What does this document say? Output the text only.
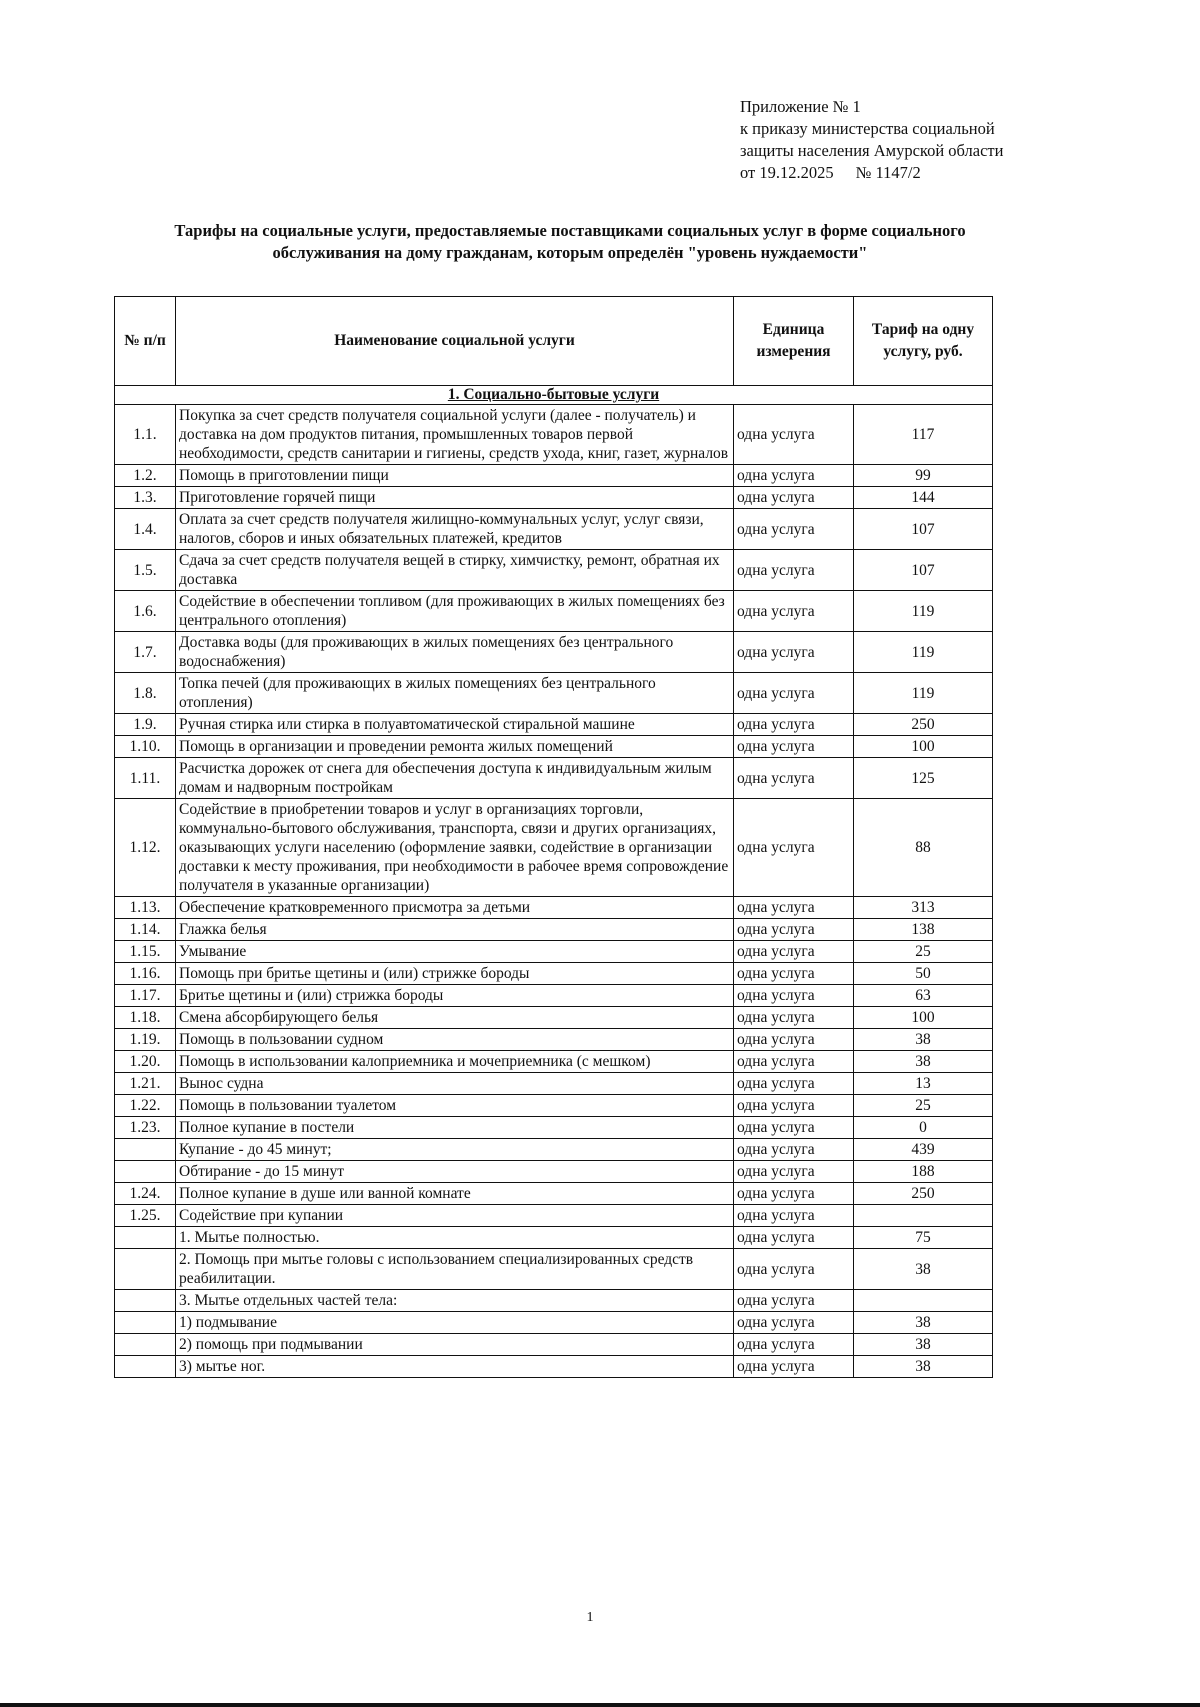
Приложение № 1
к приказу министерства социальной
защиты населения Амурской области
от 19.12.2025 № 1147/2
Тарифы на социальные услуги, предоставляемые поставщиками социальных услуг в форме социального
обслуживания на дому гражданам, которым определён "уровень нуждаемости"
№ п/п	Наименование социальной услуги	Единица измерения	Тариф на одну услугу, руб.
1. Социально-бытовые услуги			
1.1.	Покупка за счет средств получателя социальной услуги (далее - получатель) и доставка на дом продуктов питания, промышленных товаров первой необходимости, средств санитарии и гигиены, средств ухода, книг, газет, журналов	одна услуга	117
1.2.	Помощь в приготовлении пищи	одна услуга	99
1.3.	Приготовление горячей пищи	одна услуга	144
1.4.	Оплата за счет средств получателя жилищно-коммунальных услуг, услуг связи, налогов, сборов и иных обязательных платежей, кредитов	одна услуга	107
1.5.	Сдача за счет средств получателя вещей в стирку, химчистку, ремонт, обратная их доставка	одна услуга	107
1.6.	Содействие в обеспечении топливом (для проживающих в жилых помещениях без центрального отопления)	одна услуга	119
1.7.	Доставка воды (для проживающих в жилых помещениях без центрального водоснабжения)	одна услуга	119
1.8.	Топка печей (для проживающих в жилых помещениях без центрального отопления)	одна услуга	119
1.9.	Ручная стирка или стирка в полуавтоматической стиральной машине	одна услуга	250
1.10.	Помощь в организации и проведении ремонта жилых помещений	одна услуга	100
1.11.	Расчистка дорожек от снега для обеспечения доступа к индивидуальным жилым домам и надворным постройкам	одна услуга	125
1.12.	Содействие в приобретении товаров и услуг в организациях торговли, коммунально-бытового обслуживания, транспорта, связи и других организациях, оказывающих услуги населению (оформление заявки, содействие в организации доставки к месту проживания, при необходимости в рабочее время сопровождение получателя в указанные организации)	одна услуга	88
1.13.	Обеспечение кратковременного присмотра за детьми	одна услуга	313
1.14.	Глажка белья	одна услуга	138
1.15.	Умывание	одна услуга	25
1.16.	Помощь при бритье щетины и (или) стрижке бороды	одна услуга	50
1.17.	Бритье щетины и (или) стрижка бороды	одна услуга	63
1.18.	Смена абсорбирующего белья	одна услуга	100
1.19.	Помощь в пользовании судном	одна услуга	38
1.20.	Помощь в использовании калоприемника и мочеприемника (с мешком)	одна услуга	38
1.21.	Вынос судна	одна услуга	13
1.22.	Помощь в пользовании туалетом	одна услуга	25
1.23.	Полное купание в постели	одна услуга	0
	Купание - до 45 минут;	одна услуга	439
	Обтирание - до 15 минут	одна услуга	188
1.24.	Полное купание в душе или ванной комнате	одна услуга	250
1.25.	Содействие при купании	одна услуга	
	1. Мытье полностью.	одна услуга	75
	2. Помощь при мытье головы с использованием специализированных средств реабилитации.	одна услуга	38
	3. Мытье отдельных частей тела:	одна услуга	
	1) подмывание	одна услуга	38
	2) помощь при подмывании	одна услуга	38
	3) мытье ног.	одна услуга	38
1
